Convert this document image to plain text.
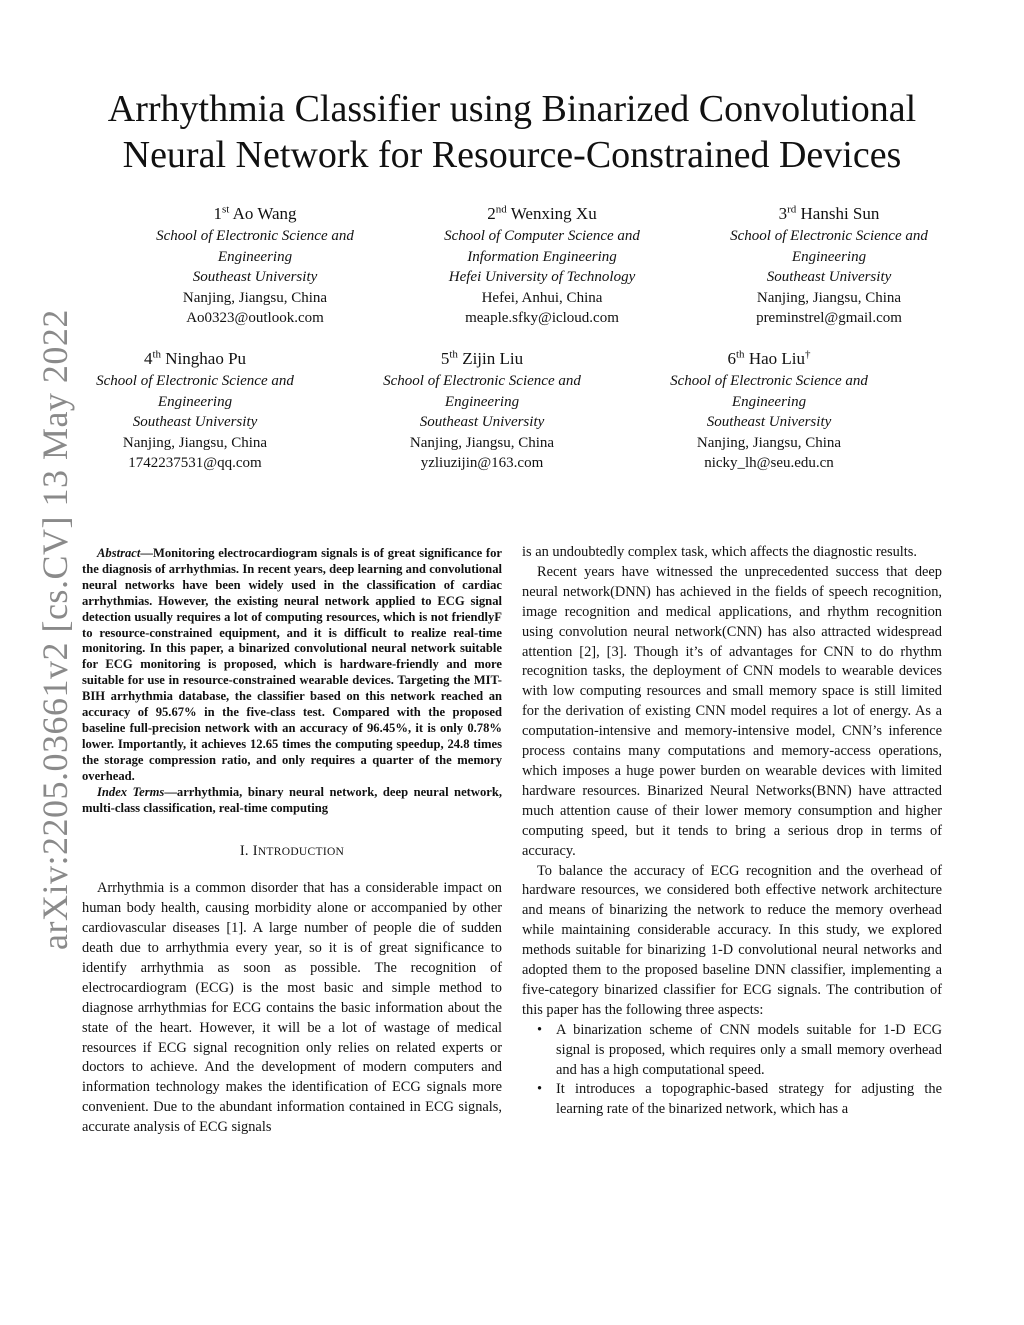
arXiv:2205.03661v2 [cs.CV] 13 May 2022
Arrhythmia Classifier using Binarized Convolutional
Neural Network for Resource-Constrained Devices
1st Ao Wang
School of Electronic Science and
Engineering
Southeast University
Nanjing, Jiangsu, China
Ao0323@outlook.com
2nd Wenxing Xu
School of Computer Science and
Information Engineering
Hefei University of Technology
Hefei, Anhui, China
meaple.sfky@icloud.com
3rd Hanshi Sun
School of Electronic Science and
Engineering
Southeast University
Nanjing, Jiangsu, China
preminstrel@gmail.com
4th Ninghao Pu
School of Electronic Science and
Engineering
Southeast University
Nanjing, Jiangsu, China
1742237531@qq.com
5th Zijin Liu
School of Electronic Science and
Engineering
Southeast University
Nanjing, Jiangsu, China
yzliuzijin@163.com
6th Hao Liu†
School of Electronic Science and
Engineering
Southeast University
Nanjing, Jiangsu, China
nicky_lh@seu.edu.cn

Abstract—Monitoring electrocardiogram signals is of great significance for the diagnosis of arrhythmias. In recent years, deep learning and convolutional neural networks have been widely used in the classification of cardiac arrhythmias. However, the existing neural network applied to ECG signal detection usually requires a lot of computing resources, which is not friendlyF to resource-constrained equipment, and it is difficult to realize real-time monitoring. In this paper, a binarized convolutional neural network suitable for ECG monitoring is proposed, which is hardware-friendly and more suitable for use in resource-constrained wearable devices. Targeting the MIT-BIH arrhythmia database, the classifier based on this network reached an accuracy of 95.67% in the five-class test. Compared with the proposed baseline full-precision network with an accuracy of 96.45%, it is only 0.78% lower. Importantly, it achieves 12.65 times the computing speedup, 24.8 times the storage compression ratio, and only requires a quarter of the memory overhead.

Index Terms—arrhythmia, binary neural network, deep neural network, multi-class classification, real-time computing

I. INTRODUCTION

Arrhythmia is a common disorder that has a considerable impact on human body health, causing morbidity alone or accompanied by other cardiovascular diseases [1]. A large number of people die of sudden death due to arrhythmia every year, so it is of great significance to identify arrhythmia as soon as possible. The recognition of electrocardiogram (ECG) is the most basic and simple method to diagnose arrhythmias for ECG contains the basic information about the state of the heart. However, it will be a lot of wastage of medical resources if ECG signal recognition only relies on related experts or doctors to achieve. And the development of modern computers and information technology makes the identification of ECG signals more convenient. Due to the abundant information contained in ECG signals, accurate analysis of ECG signals

is an undoubtedly complex task, which affects the diagnostic results.

Recent years have witnessed the unprecedented success that deep neural network(DNN) has achieved in the fields of speech recognition, image recognition and medical applications, and rhythm recognition using convolution neural network(CNN) has also attracted widespread attention [2], [3]. Though it’s of advantages for CNN to do rhythm recognition tasks, the deployment of CNN models to wearable devices with low computing resources and small memory space is still limited for the derivation of existing CNN model requires a lot of energy. As a computation-intensive and memory-intensive model, CNN’s inference process contains many computations and memory-access operations, which imposes a huge power burden on wearable devices with limited hardware resources. Binarized Neural Networks(BNN) have attracted much attention cause of their lower memory consumption and higher computing speed, but it tends to bring a serious drop in terms of accuracy.

To balance the accuracy of ECG recognition and the overhead of hardware resources, we considered both effective network architecture and means of binarizing the network to reduce the memory overhead while maintaining considerable accuracy. In this study, we explored methods suitable for binarizing 1-D convolutional neural networks and adopted them to the proposed baseline DNN classifier, implementing a five-category binarized classifier for ECG signals. The contribution of this paper has the following three aspects:

• A binarization scheme of CNN models suitable for 1-D ECG signal is proposed, which requires only a small memory overhead and has a high computational speed.
• It introduces a topographic-based strategy for adjusting the learning rate of the binarized network, which has a
